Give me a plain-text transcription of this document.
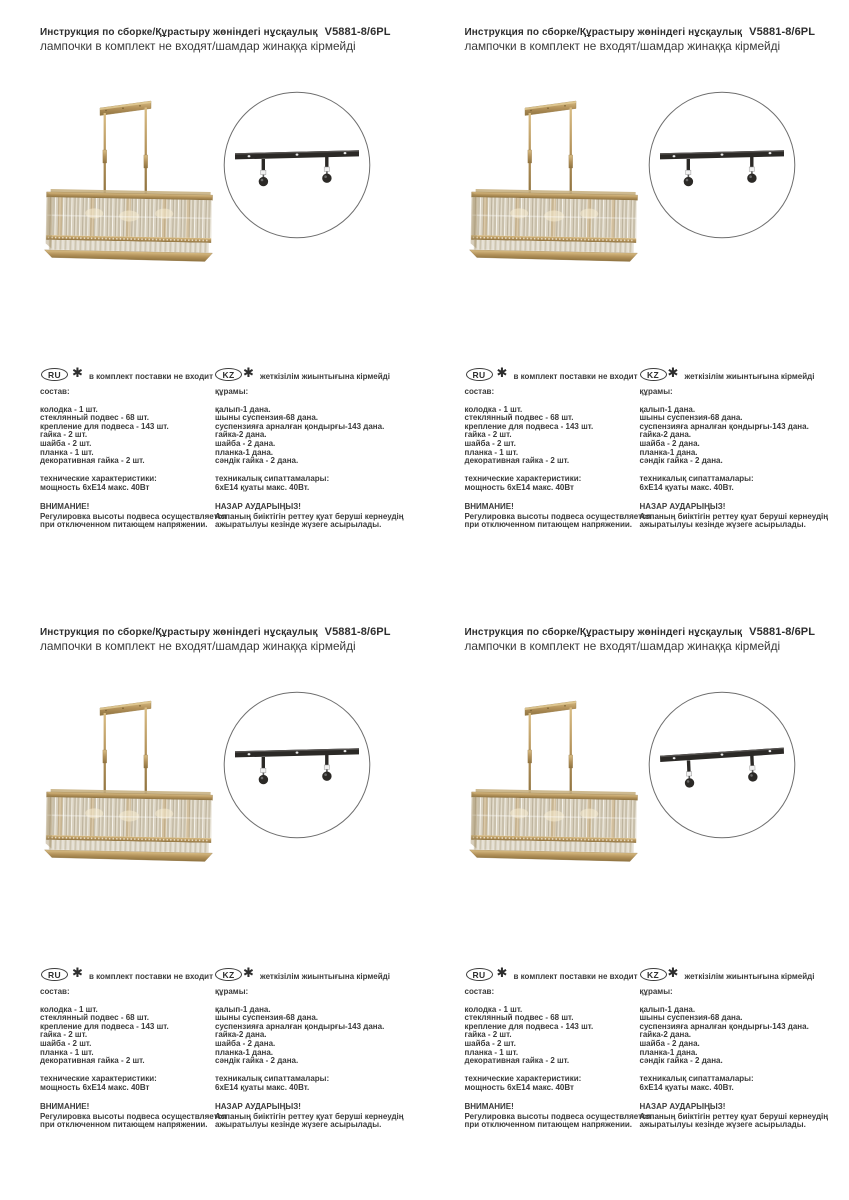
Инструкция по сборке/Құрастыру жөніндегі нұсқаулық V5881-8/6PL
лампочки в комплект не входят/шамдар жинаққа кірмейді
RU ✱ в комплект поставки не входит KZ ✱ жеткізілім жиынтығына кірмейді
состав:
колодка - 1 шт.
стеклянный подвес - 68 шт.
крепление для подвеса - 143 шт.
гайка - 2 шт.
шайба - 2 шт.
планка - 1 шт.
декоративная гайка - 2 шт.
технические характеристики:
мощность 6хЕ14 макс. 40Вт
ВНИМАНИЕ!
Регулировка высоты подвеса осуществляется
при отключенном питающем напряжении.
құрамы:
қалып-1 дана.
шыны суспензия-68 дана.
суспензияға арналған қондырғы-143 дана.
гайка-2 дана.
шайба - 2 дана.
планка-1 дана.
сәндік гайка - 2 дана.
техникалық сипаттамалары:
6хЕ14 қуаты макс. 40Вт.
НАЗАР АУДАРЫҢЫЗ!
Аспаның биіктігін реттеу қуат беруші кернеудің
ажыратылуы кезінде жүзеге асырылады.
Инструкция по сборке/Құрастыру жөніндегі нұсқаулық V5881-8/6PL
лампочки в комплект не входят/шамдар жинаққа кірмейді
RU ✱ в комплект поставки не входит KZ ✱ жеткізілім жиынтығына кірмейді
состав:
колодка - 1 шт.
стеклянный подвес - 68 шт.
крепление для подвеса - 143 шт.
гайка - 2 шт.
шайба - 2 шт.
планка - 1 шт.
декоративная гайка - 2 шт.
технические характеристики:
мощность 6хЕ14 макс. 40Вт
ВНИМАНИЕ!
Регулировка высоты подвеса осуществляется
при отключенном питающем напряжении.
құрамы:
қалып-1 дана.
шыны суспензия-68 дана.
суспензияға арналған қондырғы-143 дана.
гайка-2 дана.
шайба - 2 дана.
планка-1 дана.
сәндік гайка - 2 дана.
техникалық сипаттамалары:
6хЕ14 қуаты макс. 40Вт.
НАЗАР АУДАРЫҢЫЗ!
Аспаның биіктігін реттеу қуат беруші кернеудің
ажыратылуы кезінде жүзеге асырылады.
Инструкция по сборке/Құрастыру жөніндегі нұсқаулық V5881-8/6PL
лампочки в комплект не входят/шамдар жинаққа кірмейді
RU ✱ в комплект поставки не входит KZ ✱ жеткізілім жиынтығына кірмейді
состав:
колодка - 1 шт.
стеклянный подвес - 68 шт.
крепление для подвеса - 143 шт.
гайка - 2 шт.
шайба - 2 шт.
планка - 1 шт.
декоративная гайка - 2 шт.
технические характеристики:
мощность 6хЕ14 макс. 40Вт
ВНИМАНИЕ!
Регулировка высоты подвеса осуществляется
при отключенном питающем напряжении.
құрамы:
қалып-1 дана.
шыны суспензия-68 дана.
суспензияға арналған қондырғы-143 дана.
гайка-2 дана.
шайба - 2 дана.
планка-1 дана.
сәндік гайка - 2 дана.
техникалық сипаттамалары:
6хЕ14 қуаты макс. 40Вт.
НАЗАР АУДАРЫҢЫЗ!
Аспаның биіктігін реттеу қуат беруші кернеудің
ажыратылуы кезінде жүзеге асырылады.
Инструкция по сборке/Құрастыру жөніндегі нұсқаулық V5881-8/6PL
лампочки в комплект не входят/шамдар жинаққа кірмейді
RU ✱ в комплект поставки не входит KZ ✱ жеткізілім жиынтығына кірмейді
состав:
колодка - 1 шт.
стеклянный подвес - 68 шт.
крепление для подвеса - 143 шт.
гайка - 2 шт.
шайба - 2 шт.
планка - 1 шт.
декоративная гайка - 2 шт.
технические характеристики:
мощность 6хЕ14 макс. 40Вт
ВНИМАНИЕ!
Регулировка высоты подвеса осуществляется
при отключенном питающем напряжении.
құрамы:
қалып-1 дана.
шыны суспензия-68 дана.
суспензияға арналған қондырғы-143 дана.
гайка-2 дана.
шайба - 2 дана.
планка-1 дана.
сәндік гайка - 2 дана.
техникалық сипаттамалары:
6хЕ14 қуаты макс. 40Вт.
НАЗАР АУДАРЫҢЫЗ!
Аспаның биіктігін реттеу қуат беруші кернеудің
ажыратылуы кезінде жүзеге асырылады.
